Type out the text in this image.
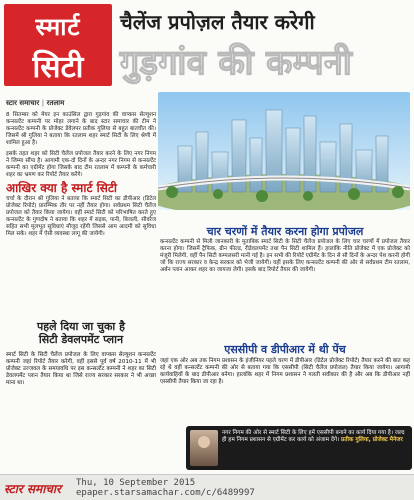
स्मार्ट
सिटी
चैलेंज प्रपोज़ल तैयार करेगी
गुड़गांव की कम्पनी
स्टार समाचार | रतलाम
8 सितम्बर को मेयर इन काउंसिल द्वारा गुड़गांव की वाप्कस सेल्यूशन कन्सल्टेंट कम्पनी पर मोहर लगाने के बाद स्टार समाचार की टीम ने कन्सल्टेंट कम्पनी के प्रोजेक्ट डेवेलपर प्रतीक गुलिया से बहुत बातचीत की। जिसमें श्री गुलिया ने बताया कि रतलाम शहर स्मार्ट सिटी के लिए श्रेणी में शामिल हुआ है।
इसके तहत शहर को सिटी चैलेंज प्रपोजल तैयार करने के लिए नगर निगम ने जिम्मा सौंपा है। आगामी एक-दो दिनों के अन्दर नगर निगम से कन्सल्टेंट कम्पनी का एग्रीमेंट होगा जिसके बाद टीम रतलाम में कम्पनी के कर्मचारी शहर का भ्रमण कर रिपोर्ट तैयार करेंगे।
आखिर क्या है स्मार्ट सिटी
चर्चा के दौरान श्री गुलिया ने बताया कि स्मार्ट सिटी का डीपीआर (डिटेल प्रोजेक्ट रिपोर्ट) प्रारम्भिक तौर पर नहीं तैयार होगा। सर्वप्रथम सिटी चैलेंज प्रपोजल को तैयार किया जायेगा। वहीं स्मार्ट सिटी को परिभाषित करते हुए कन्सल्टेंट के गुणदोष ने बताया कि शहर में सड़क, पानी, बिजली, सीवरेज सहित सभी मूलभूत सुविधाएं मौजूद रहेंगी जिससे आम आदमी को सुविधा मिल सके। शहर में ऐसी व्यवस्था लागू की जायेगी।	चार चरणों में तैयार करना होगा प्रपोजल
कन्सल्टेंट कम्पनी से मिली जानकारी के मुताबिक स्मार्ट सिटी के सिटी चैलेंज प्रपोजल के लिए चार चरणों में प्रपोजल तैयार करना होगा। जिसमें ट्रैफिक, ग्रीन फील्ड, रीडेवलपमेंट तथा पैन सिटी शामिल हैं। हालांकि नीति प्रोजेक्ट में एक प्रोजेक्ट को मंजूरी मिलेगी, वहीं पैन सिटी कम्पलसरी मानी गई है। इन सभी की रिपोर्ट एग्रीमेंट के दिन से सौ दिनों के अन्दर पेश करनी होगी जो कि राज्य सरकार व केन्द्र सरकार को भेजी जायेगी। वहीं इसके लिए कन्सल्टेंट कम्पनी की ओर से सर्वप्रथम टीम रतलाम, अर्बन प्लान आकर शहर का जायजा लेगी। इसके बाद रिपोर्ट तैयार की जायेगी।
एससीपी व डीपीआर में थी पेंच
जहां एक ओर अब तक निगम प्रशासन के इंजीनियर पहले चरण में डीपीआर (डिटेल प्रोजेक्ट रिपोर्ट) तैयार करने की बात कह रहे थे वहीं कन्सल्टेंट कम्पनी की ओर से बताया गया कि एससीपी (सिटी चैलेंज प्रपोजल) तैयार किया जायेगा। आगामी कार्यवाहियों के बाद डीपीआर बनेगा। हालांकि शहर में निगम प्रशासन ने गलती सवीकार की है और अब कि डीपीआर नहीं एससीपी तैयार किया जा रहा है।
पहले दिया जा चुका है
सिटी डेवलपमेंट प्लान
स्मार्ट सिटी के सिटी चैलेंज प्रपोजल के लिए वाप्कस सेल्यूशन कन्सल्टेंट कम्पनी जहां रिपोर्ट तैयार करेगी, वहीं इससे पूर्व वर्ष 2010-11 में भी प्रोजेक्ट उज्जवल के समयावधि पर इस कन्सल्टेंट कम्पनी ने शहर का सिटी डेवलपमेंट प्लान तैयार किया था जिसे राज्य सरकार सरकार ने भी अच्छा माना था।
नगर निगम की ओर से स्मार्ट सिटी के लिए हमें एससीपी बनाने का कार्य दिया गया है। जल्द ही हम निगम प्रशासन से एग्रीमेंट कर कार्य को अंजाम देंगे। प्रतीक गुलिया, प्रोजेक्ट मैनेजर
स्टार समाचार Thu, 10 September 2015
epaper.starsamachar.com/c/6489997
